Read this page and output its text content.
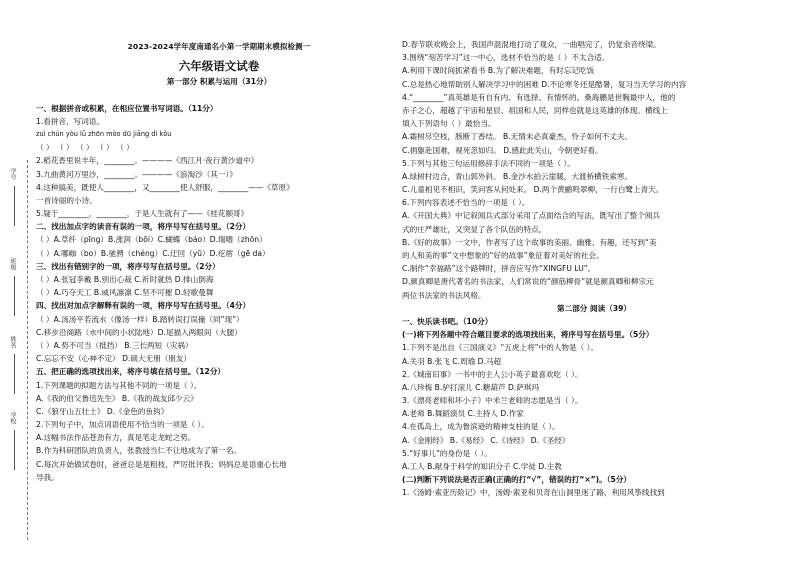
学号
班级
姓名
学校
2023-2024学年度南通名小第一学期期末模拟检测一
六年级语文试卷
第一部分 积累与运用（31分）
一、根据拼音或积累，在相应位置书写词语。（11分）
1.看拼音，写词语。
zuì chún yòu lǜ zhōn mòo dū jiāng dì kǒu
（ ） （ ） （ ） （ ） （ ）
2.稻花香里说丰年，________。————《西江月·夜行黄沙道中》
3.九曲黄河万里沙，________。————《浪淘沙（其一）》
4.这种搞美，既使人________，又________使人舒服，________——《草原》
一首诗丽的小诗。
5.疑于________，________，于是人生就有了——《桂花颐哥》
二、找出加点字的读音有误的一项，将序号写在括号里。（2分）
（ ）A.草纤（pīng）B.涨润（bōi）C.蝴蝶（báo）D.瑞嗜（zhōn）
（ ）A.哪咖（bo）B.驰骋（chéng）C.迂回（yū）D.疙瘩（gē da）
三、找出有错别字的一项，将序号写在括号里。（2分）
（ ）A.张冠李戴 B.别出心裁 C.祈时就热 D.排山倒海
（ ）A.巧夺天工 B.威风凛凛 C.坚不可摧 D.轻歌曼舞
四、找出对加点字解释有误的一项，将序号写在括号里。（4分）
（ ）A.汤汤平若流水（像汤一样）B.踏转误打误撞（同“现”）
C.移步沿阁路（水中间的小状陆地）D.尾描入两眼间（大腿）
（ ）A.势不可当（抵挡） B.三长两短（灾祸）
C.忘忘不安（心神不定） D.硕大无朋（朋友）
五、把正确的选项找出来，将序号填在括号里。（12分）
1.下列课题的拟题方法与其他不同的一项是（ ）。
A.《我的伯父鲁迅先生》 B.《我的战友邱少云》
C.《狼牙山五壮士》 D.《金色的鱼钩》
2.下列句子中，加点词语使用不恰当的一项是（ ）。
A.这幅书法作品苍劲有力，真是笔走龙蛇之势。
B.作为科研团队的负责人，张教授当仁不让地成为了第一名。
C.每次开始做试卷时，爸爸总是是粗枝，严厉批评我；妈妈总是语重心长地
导我。
D.春节联欢晚会上，我国声混混地打动了观众，一曲唱完了，仍觉余音绕梁。
3.围绕“刻苦学习”这一中心，选材不恰当的是（ ）不太合适。
A.利用下课时间抓紧看书 B.为了解决难题，有时忘记吃饭
C.总是热心地帮助别人解决学习中的困难 D.不论寒冬还是酷暑，复习当天学习的内容
4.“________”真英雄是有自有内、有选择、有情怀的。桑海鹏是世胸最中人，他的
赤子之心，超越了宇宙和星辰、祖国和人民，同样也就是这英雄的体现。横线上
填入下列语句（ ）最恰当。
A.霜树尽空枝，肠断丁香结。 B.无情未必真豪杰，怜子如何不丈夫。
C.捐躯赴国难，视死忽如归。 D.感此此关山，今朝更好看。
5.下列与其他三句运用修辞手法不同的一项是（ ）。
A.绿树村边合，青山郭外斜。 B.金沙水拍云崖暖，大渡桥横铁索寒。
C.儿童相见不相识，笑问客从何处来。 D.两个黄鹂鸣翠柳，一行白鹭上青天。
6.下列内容表述不恰当的一项是（ ）。
A.《开国大典》中记叙阅兵式部分采用了点面结合的写法，既写出了整个阅兵
式的庄严雄壮，又突显了各个队伍的特点。
B.《好的故事》一文中，作者写了这个故事的美丽、幽雅、有趣，还写到“美
的人和美的事”文中想象的“好的故事”象征着对美好的社会。
C.制作“幸福路”这个路牌时，拼音应写作“XINGFU LU”。
D.颜真卿是唐代著名的书法家，人们常说的“颜筋柳骨”就是颜真卿和柳宗元
两位书法家的书法风格。
第二部分 阅读（39）
一、快乐读书吧。（10分）
(一)将下列各题中符合题目要求的选项找出来，将序号写在括号里。（5分）
1.下列不是出自《三国演义》“五虎上将”中的人物是（ ）。
A.关羽 B.张飞 C.周瑜 D.马超
2.《城南旧事》一书中的主人公小英子最喜欢吃（ ）。
A.八珍梅 B.驴打滚儿 C.糖葫芦 D.萨琪玛
3.《漂亮老师和坏小子》中米兰老师的志愿是当（ ）。
A.老师 B.舞蹈演员 C.主持人 D.作家
4.在孤岛上，成为鲁滨逊的精神支柱的是（ ）。
A.《金刚经》 B.《易经》 C.《诗经》 D.《圣经》
5.“好事儿”的身份是（ ）。
A.工人 B.献身于科学的知识分子 C.学徒 D.主教
(二)判断下列说法是否正确(正确的打“√”，错误的打“×”)。（5分）
1.《汤姆·索亚历险记》中，汤姆·索亚和贝奇在山洞里迷了路，利用风筝线找到
